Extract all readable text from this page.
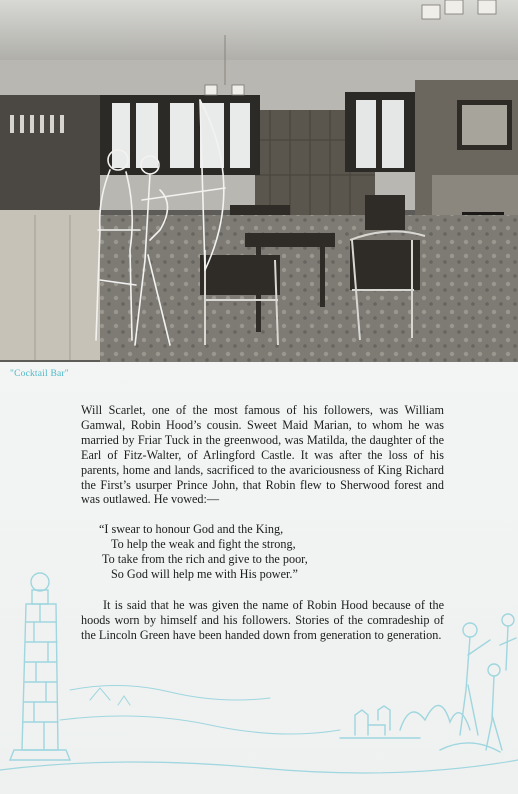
"Cocktail Bar"

Will Scarlet, one of the most famous of his followers, was William Gamwal, Robin Hood’s cousin. Sweet Maid Marian, to whom he was married by Friar Tuck in the greenwood, was Matilda, the daughter of the Earl of Fitz-Walter, of Arlingford Castle. It was after the loss of his parents, home and lands, sacrificed to the avariciousness of King Richard the First’s usurper Prince John, that Robin flew to Sherwood forest and was outlawed. He vowed:—

“I swear to honour God and the King,
To help the weak and fight the strong,
To take from the rich and give to the poor,
So God will help me with His power.”

It is said that he was given the name of Robin Hood because of the hoods worn by himself and his followers. Stories of the comradeship of the Lincoln Green have been handed down from generation to generation.
